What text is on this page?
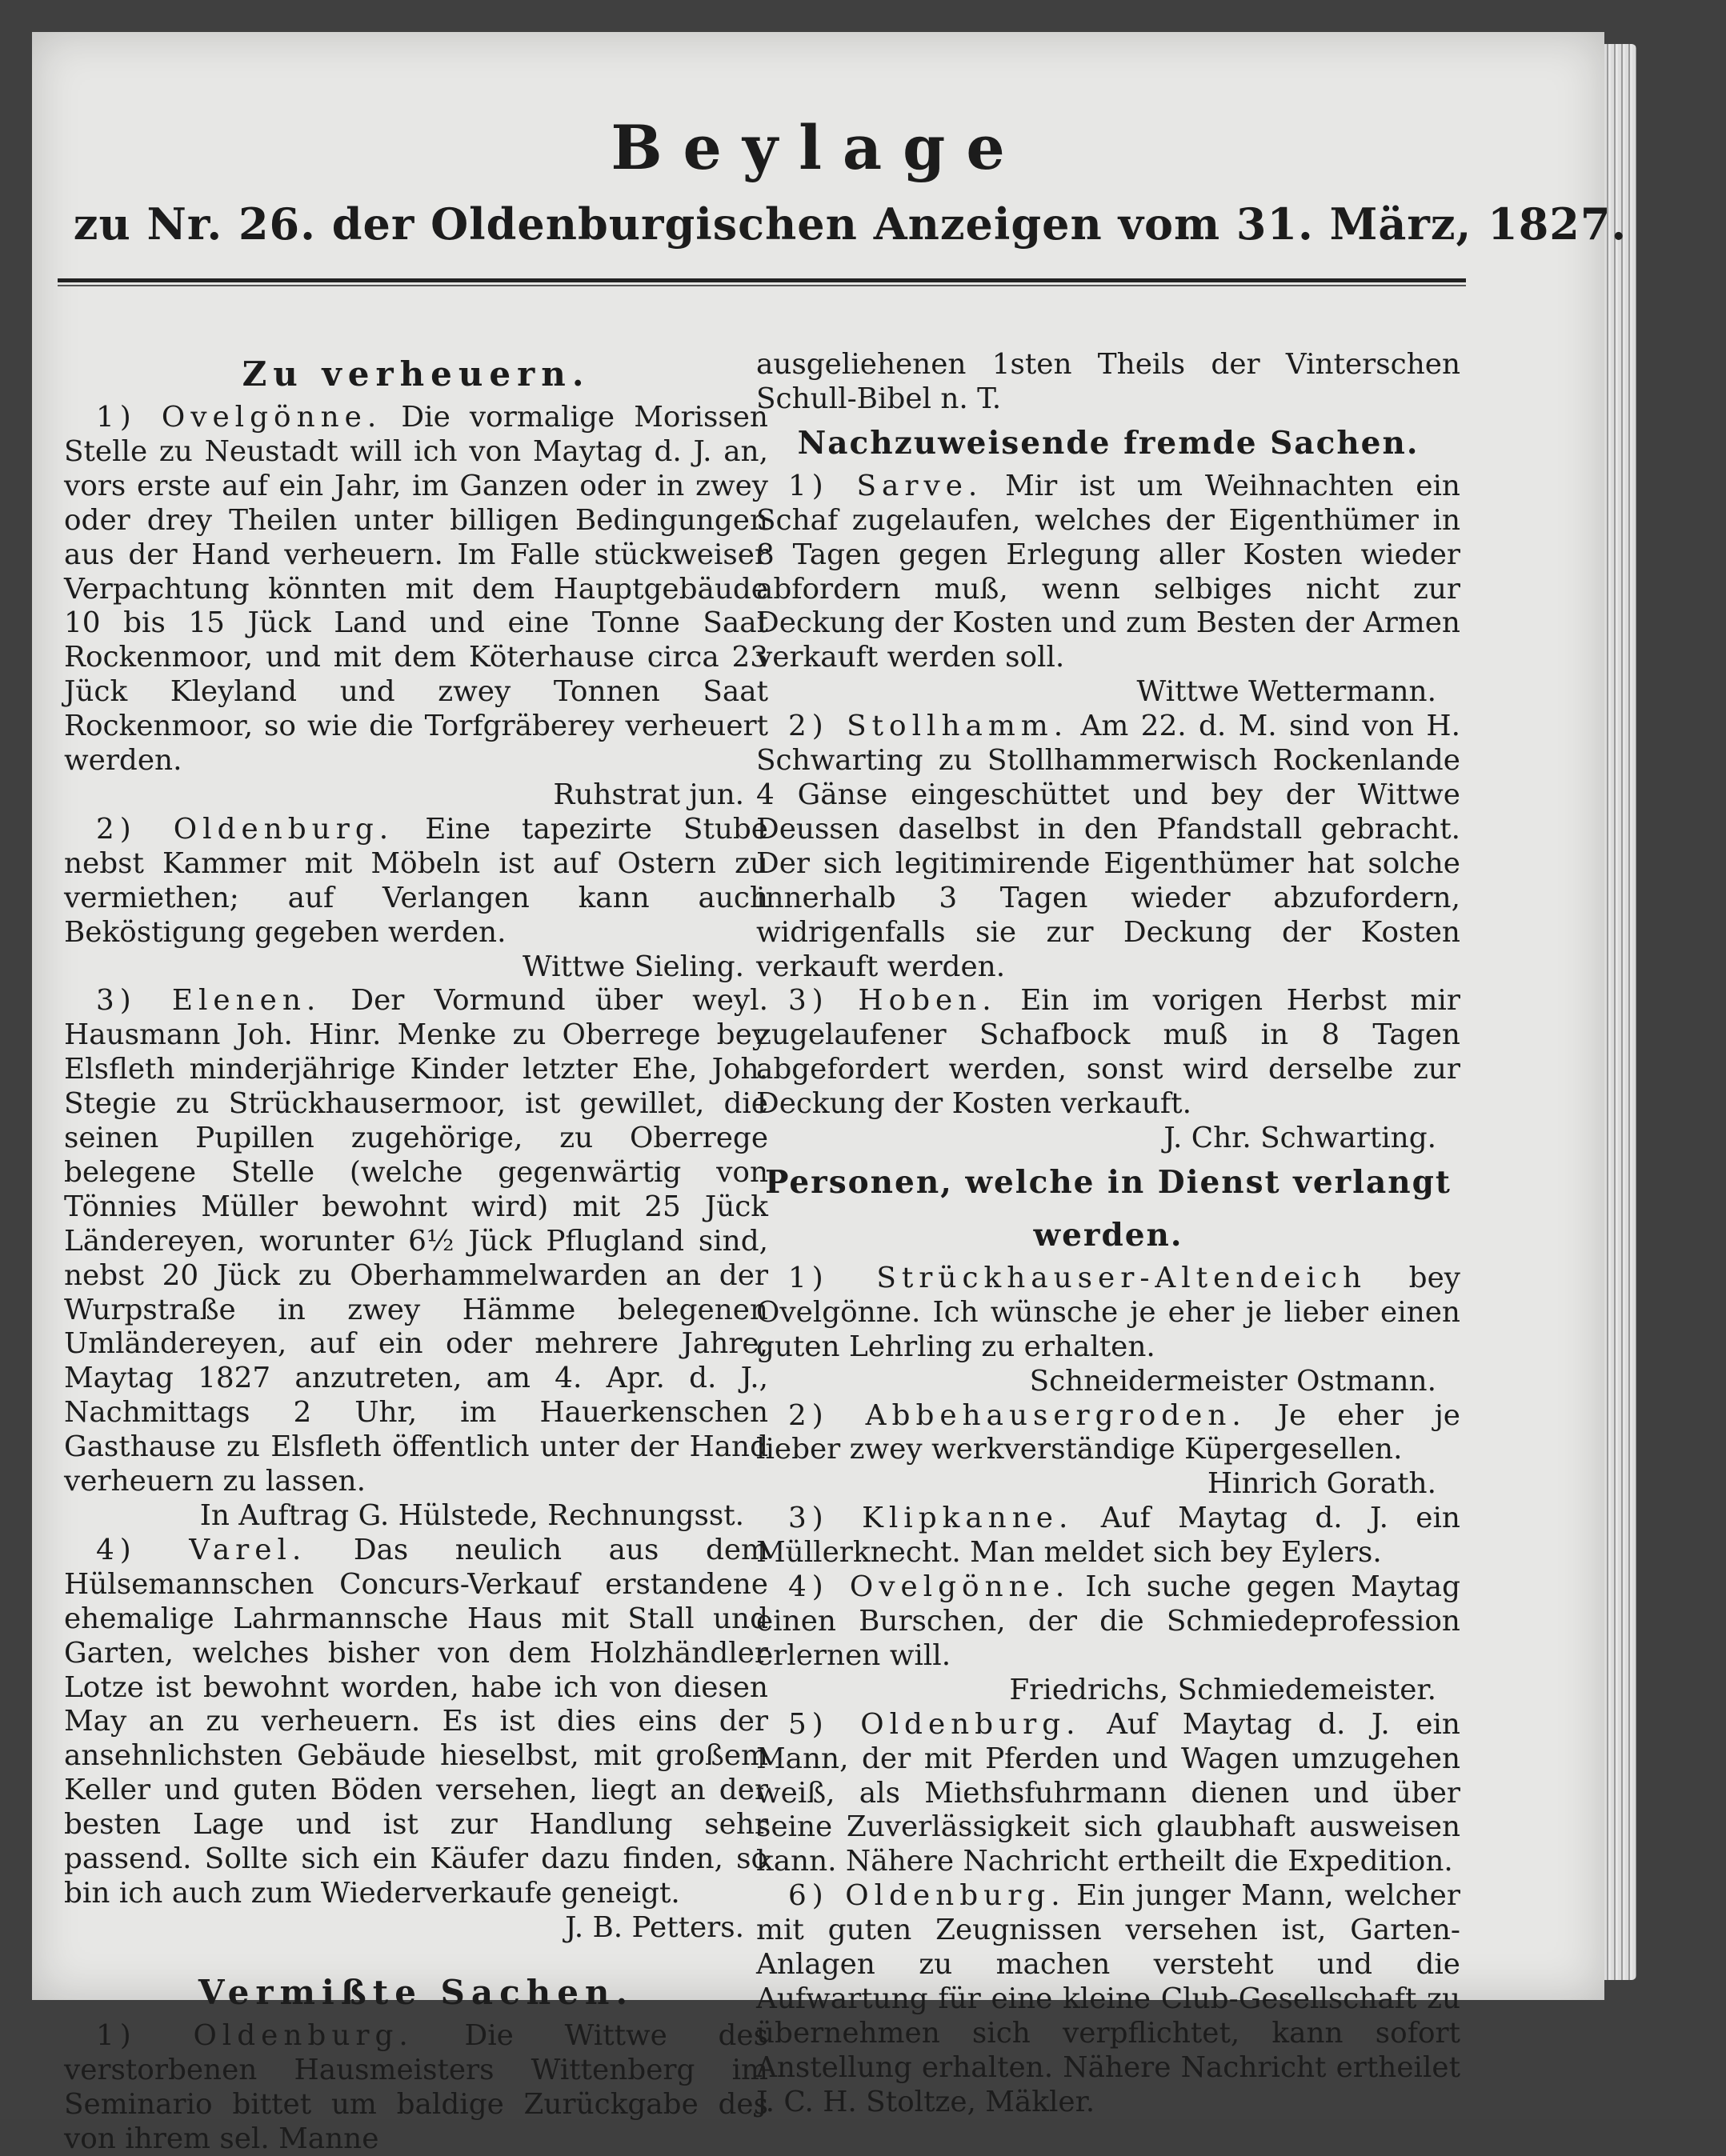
Beylage
zu Nr. 26. der Oldenburgischen Anzeigen vom 31. März, 1827.
Zu verheuern.

1) Ovelgönne. Die vormalige Morissen Stelle zu Neustadt will ich von Maytag d. J. an, vors erste auf ein Jahr, im Ganzen oder in zwey oder drey Theilen unter billigen Bedingungen aus der Hand verheuern. Im Falle stückweiser Verpachtung könnten mit dem Hauptgebäude 10 bis 15 Jück Land und eine Tonne Saat Rockenmoor, und mit dem Köterhause circa 23 Jück Kleyland und zwey Tonnen Saat Rockenmoor, so wie die Torfgräberey verheuert werden.

Ruhstrat jun.

2) Oldenburg. Eine tapezirte Stube nebst Kammer mit Möbeln ist auf Ostern zu vermiethen; auf Verlangen kann auch Beköstigung gegeben werden.

Wittwe Sieling.

3) Elenen. Der Vormund über weyl. Hausmann Joh. Hinr. Menke zu Oberrege bey Elsfleth minderjährige Kinder letzter Ehe, Joh. Stegie zu Strückhausermoor, ist gewillet, die seinen Pupillen zugehörige, zu Oberrege belegene Stelle (welche gegenwärtig von Tönnies Müller bewohnt wird) mit 25 Jück Ländereyen, worunter 6½ Jück Pflugland sind, nebst 20 Jück zu Oberhammelwarden an der Wurpstraße in zwey Hämme belegenen Umländereyen, auf ein oder mehrere Jahre, Maytag 1827 anzutreten, am 4. Apr. d. J., Nachmittags 2 Uhr, im Hauerkenschen Gasthause zu Elsfleth öffentlich unter der Hand verheuern zu lassen.

In Auftrag G. Hülstede, Rechnungsst.

4) Varel. Das neulich aus dem Hülsemannschen Concurs-Verkauf erstandene ehemalige Lahrmannsche Haus mit Stall und Garten, welches bisher von dem Holzhändler Lotze ist bewohnt worden, habe ich von diesen May an zu verheuern. Es ist dies eins der ansehnlichsten Gebäude hieselbst, mit großem Keller und guten Böden versehen, liegt an der besten Lage und ist zur Handlung sehr passend. Sollte sich ein Käufer dazu finden, so bin ich auch zum Wiederverkaufe geneigt.

J. B. Petters.

Vermißte Sachen.

1) Oldenburg. Die Wittwe des verstorbenen Hausmeisters Wittenberg im Seminario bittet um baldige Zurückgabe des von ihrem sel. Manne

ausgeliehenen 1sten Theils der Vinterschen Schull-Bibel n. T.

Nachzuweisende fremde Sachen.

1) Sarve. Mir ist um Weihnachten ein Schaf zugelaufen, welches der Eigenthümer in 8 Tagen gegen Erlegung aller Kosten wieder abfordern muß, wenn selbiges nicht zur Deckung der Kosten und zum Besten der Armen verkauft werden soll.

Wittwe Wettermann.

2) Stollhamm. Am 22. d. M. sind von H. Schwarting zu Stollhammerwisch Rockenlande 4 Gänse eingeschüttet und bey der Wittwe Deussen daselbst in den Pfandstall gebracht. Der sich legitimirende Eigenthümer hat solche innerhalb 3 Tagen wieder abzufordern, widrigenfalls sie zur Deckung der Kosten verkauft werden.

3) Hoben. Ein im vorigen Herbst mir zugelaufener Schafbock muß in 8 Tagen abgefordert werden, sonst wird derselbe zur Deckung der Kosten verkauft.

J. Chr. Schwarting.

Personen, welche in Dienst verlangt werden.

1) Strückhauser-Altendeich bey Ovelgönne. Ich wünsche je eher je lieber einen guten Lehrling zu erhalten.

Schneidermeister Ostmann.

2) Abbehausergroden. Je eher je lieber zwey werkverständige Küpergesellen.

Hinrich Gorath.

3) Klipkanne. Auf Maytag d. J. ein Müllerknecht. Man meldet sich bey Eylers.

4) Ovelgönne. Ich suche gegen Maytag einen Burschen, der die Schmiedeprofession erlernen will.

Friedrichs, Schmiedemeister.

5) Oldenburg. Auf Maytag d. J. ein Mann, der mit Pferden und Wagen umzugehen weiß, als Miethsfuhrmann dienen und über seine Zuverlässigkeit sich glaubhaft ausweisen kann. Nähere Nachricht ertheilt die Expedition.

6) Oldenburg. Ein junger Mann, welcher mit guten Zeugnissen versehen ist, Garten-Anlagen zu machen versteht und die Aufwartung für eine kleine Club-Gesellschaft zu übernehmen sich verpflichtet, kann sofort Anstellung erhalten. Nähere Nachricht ertheilet J. C. H. Stoltze, Mäkler.
